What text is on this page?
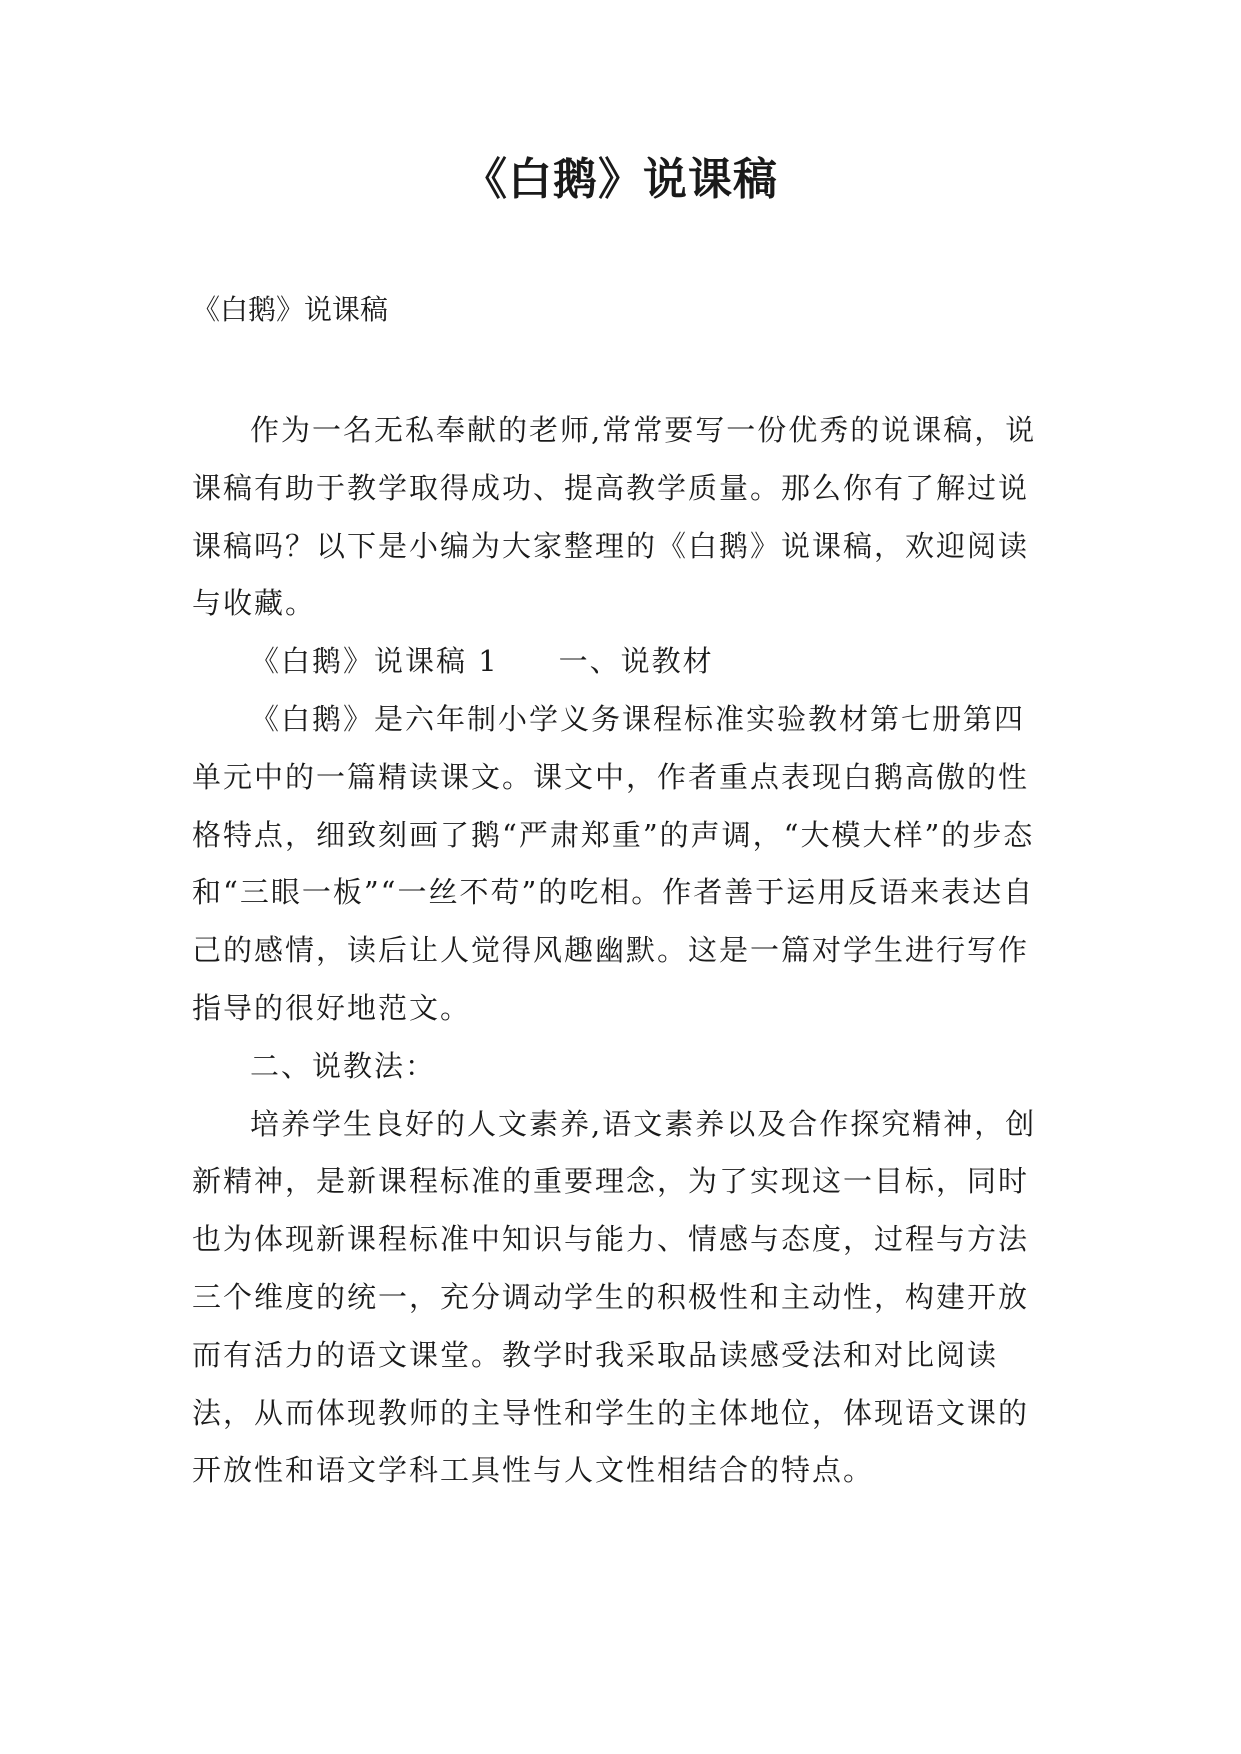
《白鹅》说课稿
《白鹅》说课稿

作为一名无私奉献的老师,常常要写一份优秀的说课稿，说课稿有助于教学取得成功、提高教学质量。那么你有了解过说课稿吗？以下是小编为大家整理的《白鹅》说课稿，欢迎阅读与收藏。

《白鹅》说课稿 1 一、说教材

《白鹅》是六年制小学义务课程标准实验教材第七册第四单元中的一篇精读课文。课文中，作者重点表现白鹅高傲的性格特点，细致刻画了鹅“严肃郑重”的声调，“大模大样”的步态和“三眼一板”“一丝不苟”的吃相。作者善于运用反语来表达自己的感情，读后让人觉得风趣幽默。这是一篇对学生进行写作指导的很好地范文。

二、说教法：

培养学生良好的人文素养,语文素养以及合作探究精神，创新精神，是新课程标准的重要理念，为了实现这一目标，同时也为体现新课程标准中知识与能力、情感与态度，过程与方法三个维度的统一，充分调动学生的积极性和主动性，构建开放而有活力的语文课堂。教学时我采取品读感受法和对比阅读法，从而体现教师的主导性和学生的主体地位，体现语文课的开放性和语文学科工具性与人文性相结合的特点。
